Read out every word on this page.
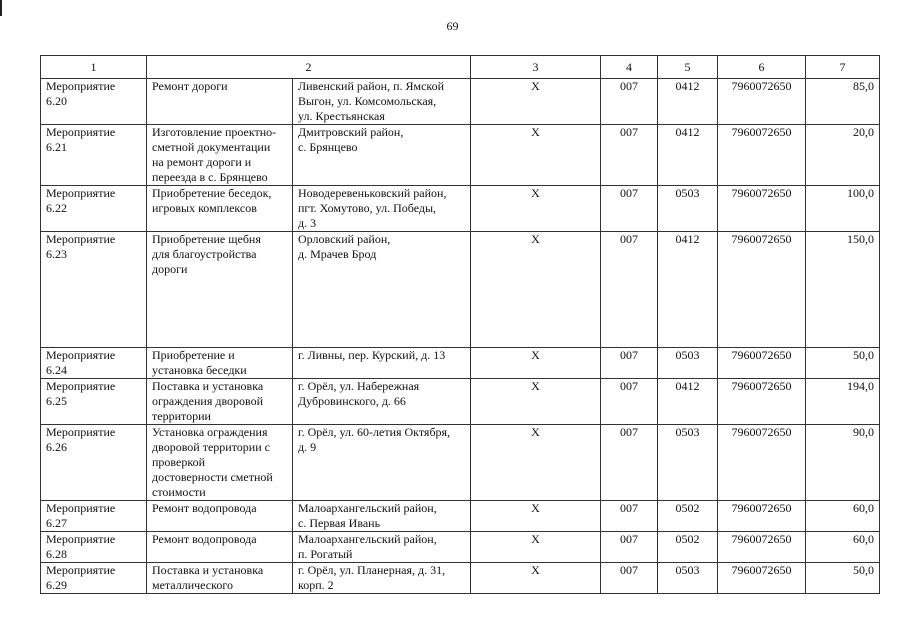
69
1	2		3	4	5	6	7
Мероприятие
6.20	Ремонт дороги	Ливенский район, п. Ямской
Выгон, ул. Комсомольская,
ул. Крестьянская	Х	007	0412	7960072650	85,0
Мероприятие
6.21	Изготовление проектно-
сметной документации
на ремонт дороги и
переезда в с. Брянцево	Дмитровский район,
с. Брянцево	Х	007	0412	7960072650	20,0
Мероприятие
6.22	Приобретение беседок,
игровых комплексов	Новодеревеньковский район,
пгт. Хомутово, ул. Победы,
д. 3	Х	007	0503	7960072650	100,0
Мероприятие
6.23	Приобретение щебня
для благоустройства
дороги	Орловский район,
д. Мрачев Брод	Х	007	0412	7960072650	150,0
Мероприятие
6.24	Приобретение и
установка беседки	г. Ливны, пер. Курский, д. 13	Х	007	0503	7960072650	50,0
Мероприятие
6.25	Поставка и установка
ограждения дворовой
территории	г. Орёл, ул. Набережная
Дубровинского, д. 66	Х	007	0412	7960072650	194,0
Мероприятие
6.26	Установка ограждения
дворовой территории с
проверкой
достоверности сметной
стоимости	г. Орёл, ул. 60-летия Октября,
д. 9	Х	007	0503	7960072650	90,0
Мероприятие
6.27	Ремонт водопровода	Малоархангельский район,
с. Первая Ивань	Х	007	0502	7960072650	60,0
Мероприятие
6.28	Ремонт водопровода	Малоархангельский район,
п. Рогатый	Х	007	0502	7960072650	60,0
Мероприятие
6.29	Поставка и установка
металлического	г. Орёл, ул. Планерная, д. 31,
корп. 2	Х	007	0503	7960072650	50,0
